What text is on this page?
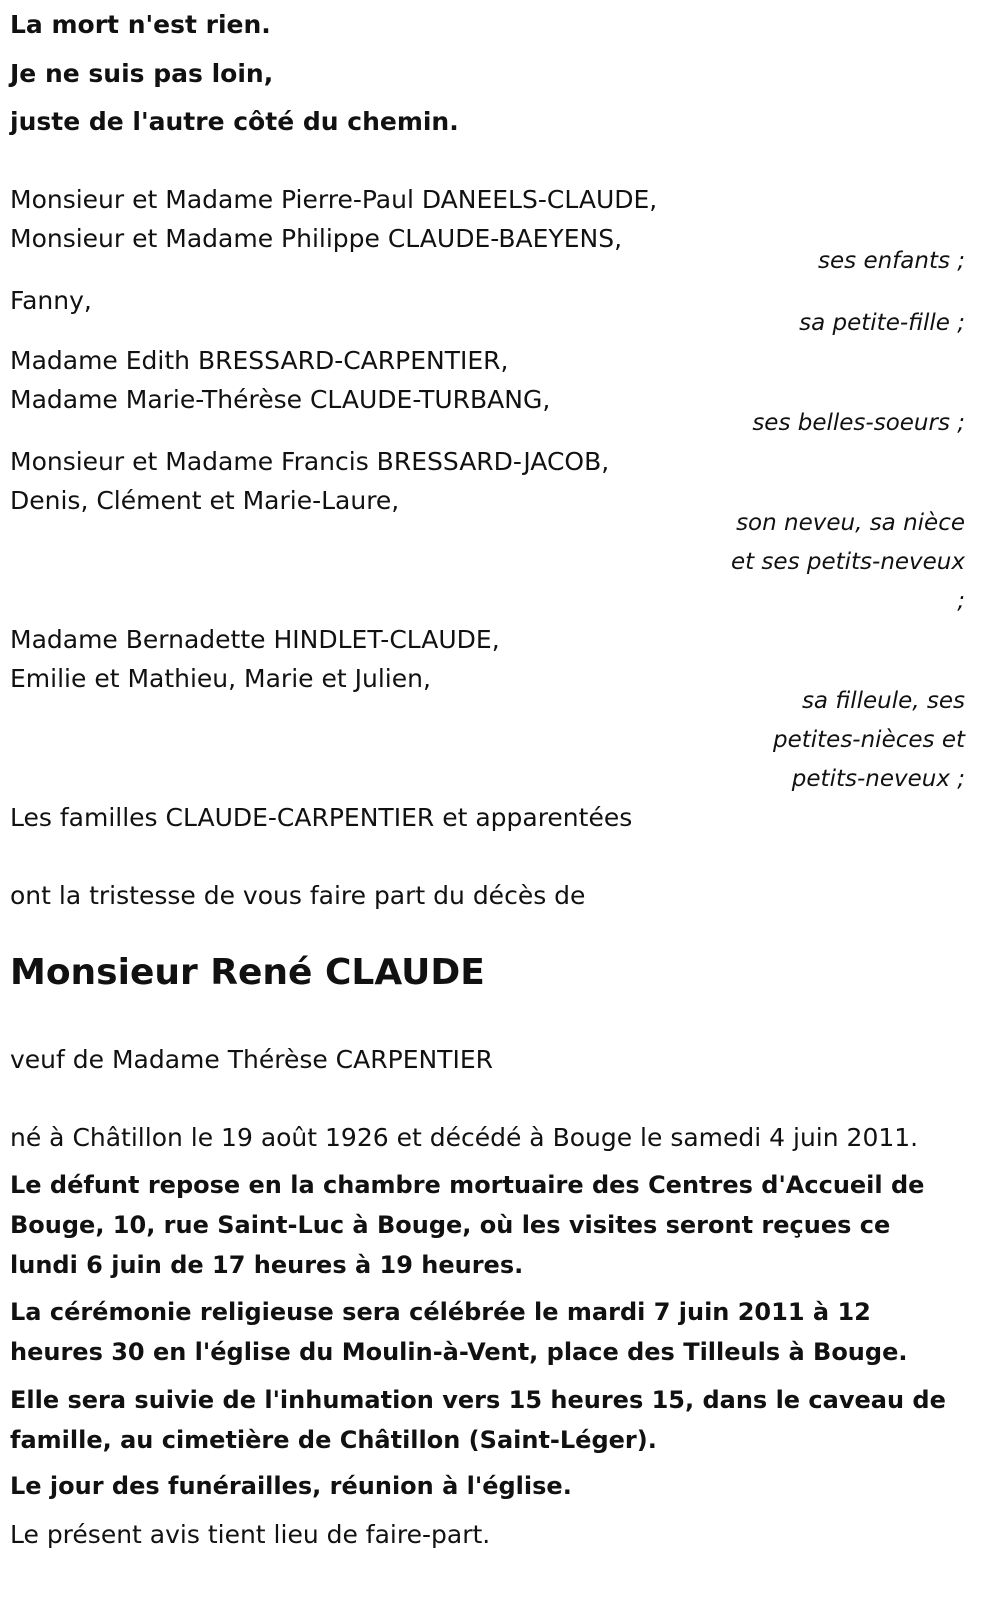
La mort n'est rien.

Je ne suis pas loin,

juste de l'autre côté du chemin.

Monsieur et Madame Pierre-Paul DANEELS-CLAUDE,

Monsieur et Madame Philippe CLAUDE-BAEYENS,

ses enfants ;

Fanny,

sa petite-fille ;

Madame Edith BRESSARD-CARPENTIER,

Madame Marie-Thérèse CLAUDE-TURBANG,

ses belles-soeurs ;

Monsieur et Madame Francis BRESSARD-JACOB,

Denis, Clément et Marie-Laure,

son neveu, sa nièce
et ses petits-neveux
;

Madame Bernadette HINDLET-CLAUDE,

Emilie et Mathieu, Marie et Julien,

sa filleule, ses
petites-nièces et
petits-neveux ;

Les familles CLAUDE-CARPENTIER et apparentées

ont la tristesse de vous faire part du décès de

Monsieur René CLAUDE

veuf de Madame Thérèse CARPENTIER

né à Châtillon le 19 août 1926 et décédé à Bouge le samedi 4 juin 2011.

Le défunt repose en la chambre mortuaire des Centres d'Accueil de Bouge, 10, rue Saint-Luc à Bouge, où les visites seront reçues ce lundi 6 juin de 17 heures à 19 heures.

La cérémonie religieuse sera célébrée le mardi 7 juin 2011 à 12 heures 30 en l'église du Moulin-à-Vent, place des Tilleuls à Bouge.

Elle sera suivie de l'inhumation vers 15 heures 15, dans le caveau de famille, au cimetière de Châtillon (Saint-Léger).

Le jour des funérailles, réunion à l'église.

Le présent avis tient lieu de faire-part.
